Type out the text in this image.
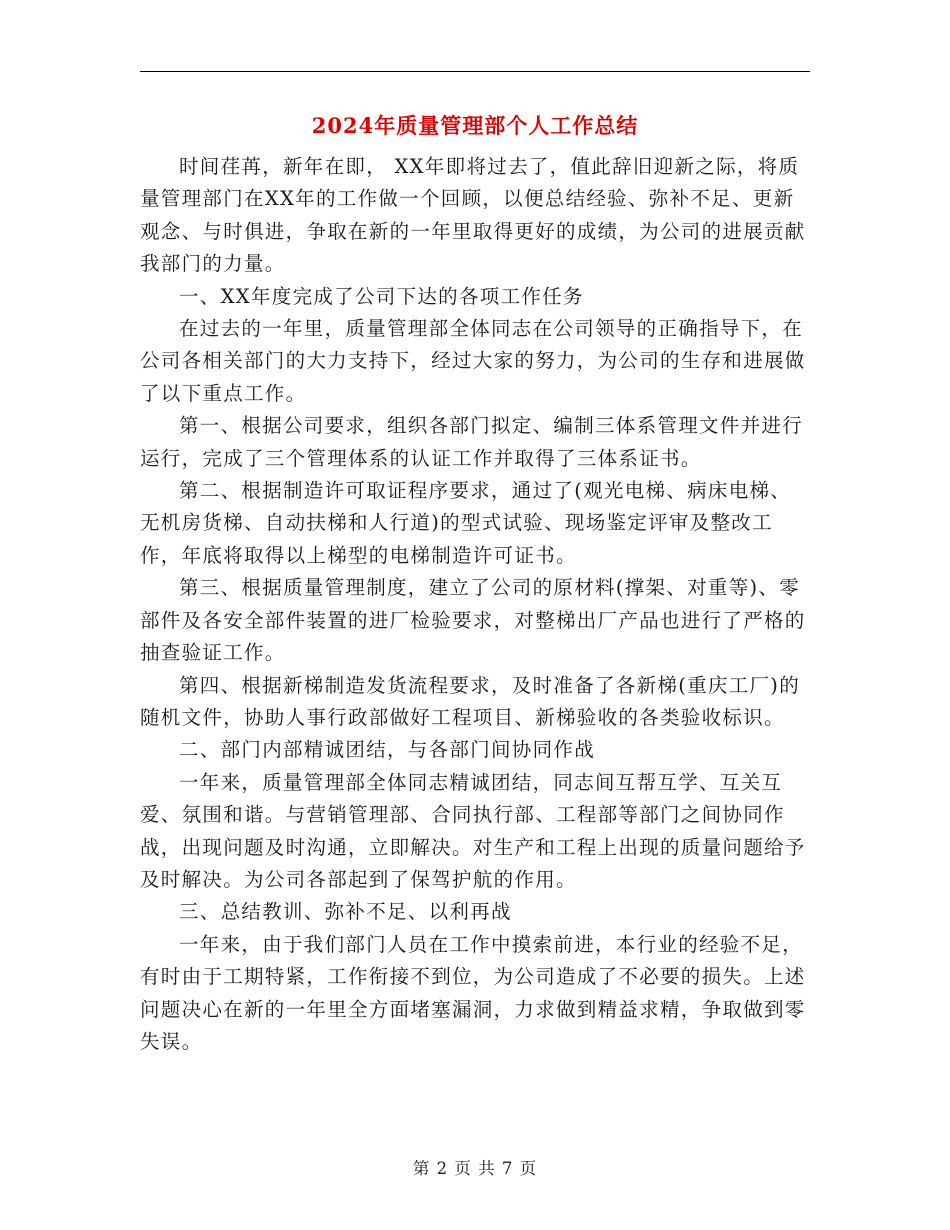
2024年质量管理部个人工作总结

时间荏苒，新年在即， XX年即将过去了，值此辞旧迎新之际，将质量管理部门在XX年的工作做一个回顾，以便总结经验、弥补不足、更新观念、与时俱进，争取在新的一年里取得更好的成绩，为公司的进展贡献我部门的力量。

一、XX年度完成了公司下达的各项工作任务

在过去的一年里，质量管理部全体同志在公司领导的正确指导下，在公司各相关部门的大力支持下，经过大家的努力，为公司的生存和进展做了以下重点工作。

第一、根据公司要求，组织各部门拟定、编制三体系管理文件并进行运行，完成了三个管理体系的认证工作并取得了三体系证书。

第二、根据制造许可取证程序要求，通过了(观光电梯、病床电梯、无机房货梯、自动扶梯和人行道)的型式试验、现场鉴定评审及整改工作，年底将取得以上梯型的电梯制造许可证书。

第三、根据质量管理制度，建立了公司的原材料(撑架、对重等)、零部件及各安全部件装置的进厂检验要求，对整梯出厂产品也进行了严格的抽查验证工作。

第四、根据新梯制造发货流程要求，及时准备了各新梯(重庆工厂)的随机文件，协助人事行政部做好工程项目、新梯验收的各类验收标识。

二、部门内部精诚团结，与各部门间协同作战

一年来，质量管理部全体同志精诚团结，同志间互帮互学、互关互爱、氛围和谐。与营销管理部、合同执行部、工程部等部门之间协同作战，出现问题及时沟通，立即解决。对生产和工程上出现的质量问题给予及时解决。为公司各部起到了保驾护航的作用。

三、总结教训、弥补不足、以利再战

一年来，由于我们部门人员在工作中摸索前进，本行业的经验不足，有时由于工期特紧，工作衔接不到位，为公司造成了不必要的损失。上述问题决心在新的一年里全方面堵塞漏洞，力求做到精益求精，争取做到零失误。

第 2 页 共 7 页
